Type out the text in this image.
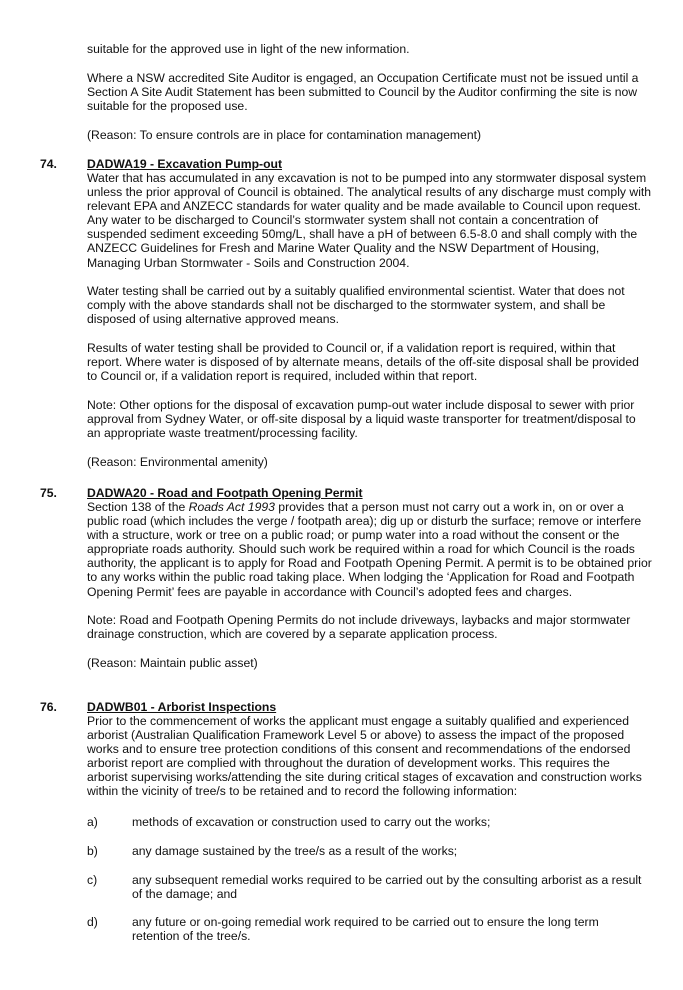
suitable for the approved use in light of the new information.

Where a NSW accredited Site Auditor is engaged, an Occupation Certificate must not be issued until a Section A Site Audit Statement has been submitted to Council by the Auditor confirming the site is now suitable for the proposed use.

(Reason: To ensure controls are in place for contamination management)

74. DADWA19 - Excavation Pump-out

Water that has accumulated in any excavation is not to be pumped into any stormwater disposal system unless the prior approval of Council is obtained. The analytical results of any discharge must comply with relevant EPA and ANZECC standards for water quality and be made available to Council upon request. Any water to be discharged to Council’s stormwater system shall not contain a concentration of suspended sediment exceeding 50mg/L, shall have a pH of between 6.5-8.0 and shall comply with the ANZECC Guidelines for Fresh and Marine Water Quality and the NSW Department of Housing, Managing Urban Stormwater - Soils and Construction 2004.

Water testing shall be carried out by a suitably qualified environmental scientist. Water that does not comply with the above standards shall not be discharged to the stormwater system, and shall be disposed of using alternative approved means.

Results of water testing shall be provided to Council or, if a validation report is required, within that report. Where water is disposed of by alternate means, details of the off-site disposal shall be provided to Council or, if a validation report is required, included within that report.

Note: Other options for the disposal of excavation pump-out water include disposal to sewer with prior approval from Sydney Water, or off-site disposal by a liquid waste transporter for treatment/disposal to an appropriate waste treatment/processing facility.

(Reason: Environmental amenity)

75. DADWA20 - Road and Footpath Opening Permit

Section 138 of the Roads Act 1993 provides that a person must not carry out a work in, on or over a public road (which includes the verge / footpath area); dig up or disturb the surface; remove or interfere with a structure, work or tree on a public road; or pump water into a road without the consent or the appropriate roads authority. Should such work be required within a road for which Council is the roads authority, the applicant is to apply for Road and Footpath Opening Permit. A permit is to be obtained prior to any works within the public road taking place. When lodging the ‘Application for Road and Footpath Opening Permit’ fees are payable in accordance with Council’s adopted fees and charges.

Note: Road and Footpath Opening Permits do not include driveways, laybacks and major stormwater drainage construction, which are covered by a separate application process.

(Reason: Maintain public asset)

76. DADWB01 - Arborist Inspections

Prior to the commencement of works the applicant must engage a suitably qualified and experienced arborist (Australian Qualification Framework Level 5 or above) to assess the impact of the proposed works and to ensure tree protection conditions of this consent and recommendations of the endorsed arborist report are complied with throughout the duration of development works. This requires the arborist supervising works/attending the site during critical stages of excavation and construction works within the vicinity of tree/s to be retained and to record the following information:

a)	methods of excavation or construction used to carry out the works;
b)	any damage sustained by the tree/s as a result of the works;
c)	any subsequent remedial works required to be carried out by the consulting arborist as a result of the damage; and
d)	any future or on-going remedial work required to be carried out to ensure the long term retention of the tree/s.
